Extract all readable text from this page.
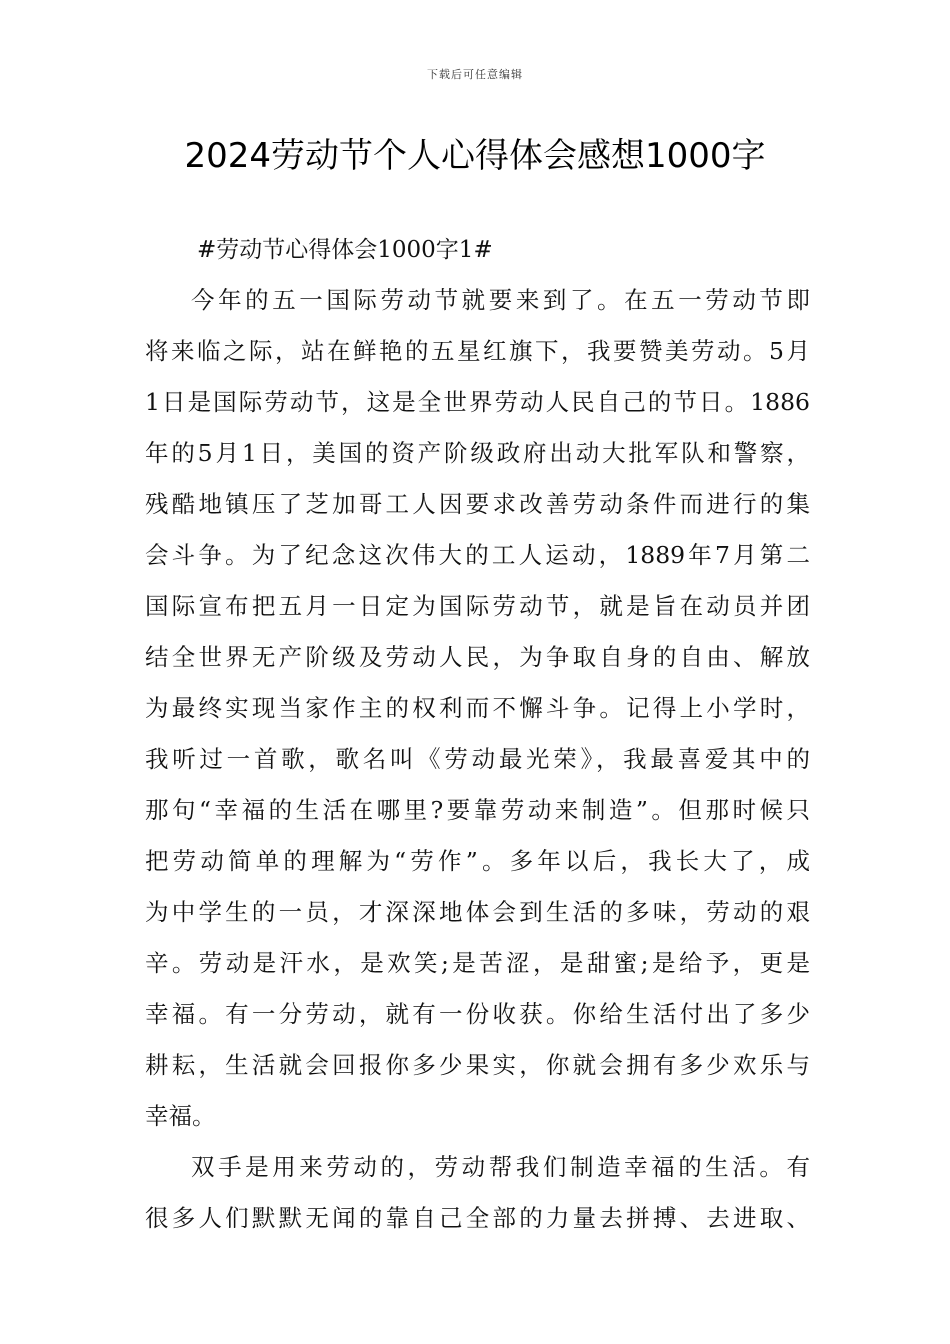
下载后可任意编辑
2024劳动节个人心得体会感想1000字
#劳动节心得体会1000字1#
今年的五一国际劳动节就要来到了。在五一劳动节即
将来临之际，站在鲜艳的五星红旗下，我要赞美劳动。5月
1日是国际劳动节，这是全世界劳动人民自己的节日。1886
年的5月1日，美国的资产阶级政府出动大批军队和警察，
残酷地镇压了芝加哥工人因要求改善劳动条件而进行的集
会斗争。为了纪念这次伟大的工人运动，1889年7月第二
国际宣布把五月一日定为国际劳动节，就是旨在动员并团
结全世界无产阶级及劳动人民，为争取自身的自由、解放
为最终实现当家作主的权利而不懈斗争。记得上小学时，
我听过一首歌，歌名叫《劳动最光荣》，我最喜爱其中的
那句“幸福的生活在哪里?要靠劳动来制造”。但那时候只
把劳动简单的理解为“劳作”。多年以后，我长大了，成
为中学生的一员，才深深地体会到生活的多味，劳动的艰
辛。劳动是汗水，是欢笑;是苦涩，是甜蜜;是给予，更是
幸福。有一分劳动，就有一份收获。你给生活付出了多少
耕耘，生活就会回报你多少果实，你就会拥有多少欢乐与
幸福。
双手是用来劳动的，劳动帮我们制造幸福的生活。有
很多人们默默无闻的靠自己全部的力量去拼搏、去进取、
